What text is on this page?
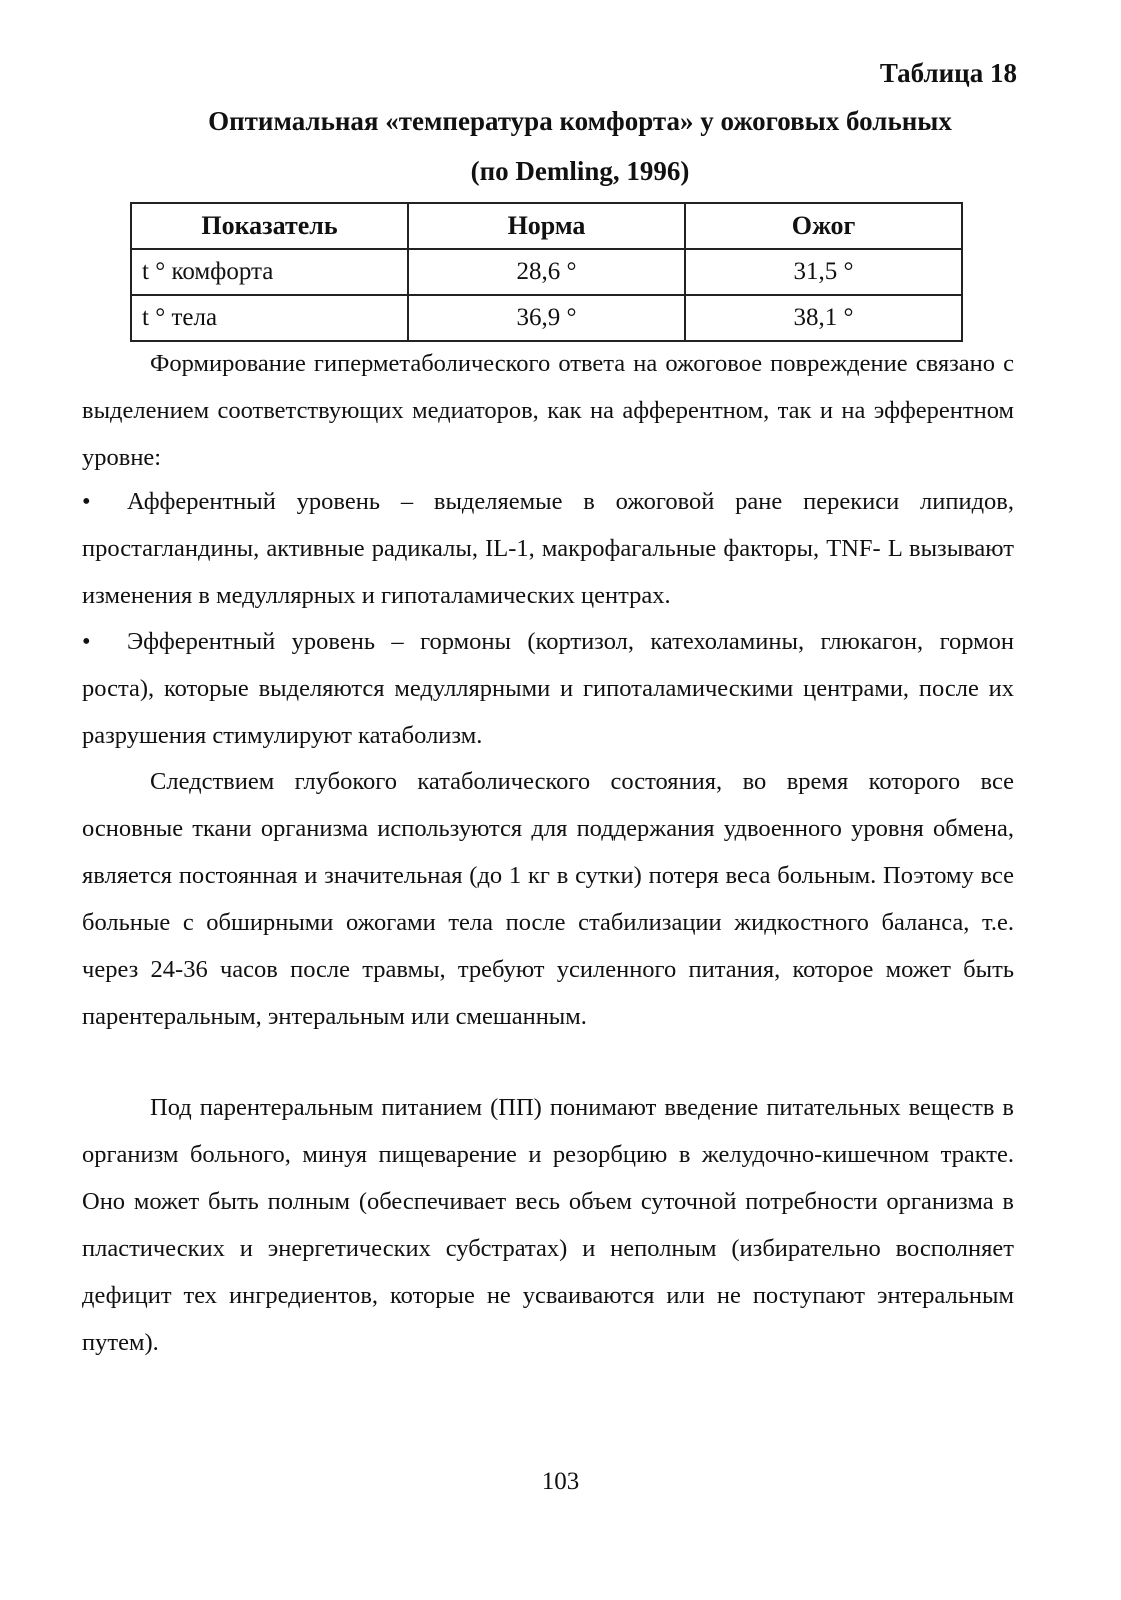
Таблица 18
Оптимальная «температура комфорта» у ожоговых больных
(по Demling, 1996)
Показатель	Норма	Ожог
t ° комфорта	28,6 °	31,5 °
t ° тела	36,9 °	38,1 °
Формирование гиперметаболического ответа на ожоговое повреждение связано с выделением соответствующих медиаторов, как на афферентном, так и на эфферентном уровне:
• Афферентный уровень – выделяемые в ожоговой ране перекиси липидов, простагландины, активные радикалы, IL-1, макрофагальные факторы, TNF- L вызывают изменения в медуллярных и гипоталамических центрах.
• Эфферентный уровень – гормоны (кортизол, катехоламины, глюкагон, гормон роста), которые выделяются медуллярными и гипоталамическими центрами, после их разрушения стимулируют катаболизм.
Следствием глубокого катаболического состояния, во время которого все основные ткани организма используются для поддержания удвоенного уровня обмена, является постоянная и значительная (до 1 кг в сутки) потеря веса больным. Поэтому все больные с обширными ожогами тела после стабилизации жидкостного баланса, т.е. через 24-36 часов после травмы, требуют усиленного питания, которое может быть парентеральным, энтеральным или смешанным.
Под парентеральным питанием (ПП) понимают введение питательных веществ в организм больного, минуя пищеварение и резорбцию в желудочно-кишечном тракте. Оно может быть полным (обеспечивает весь объем суточной потребности организма в пластических и энергетических субстратах) и неполным (избирательно восполняет дефицит тех ингредиентов, которые не усваиваются или не поступают энтеральным путем).
103
